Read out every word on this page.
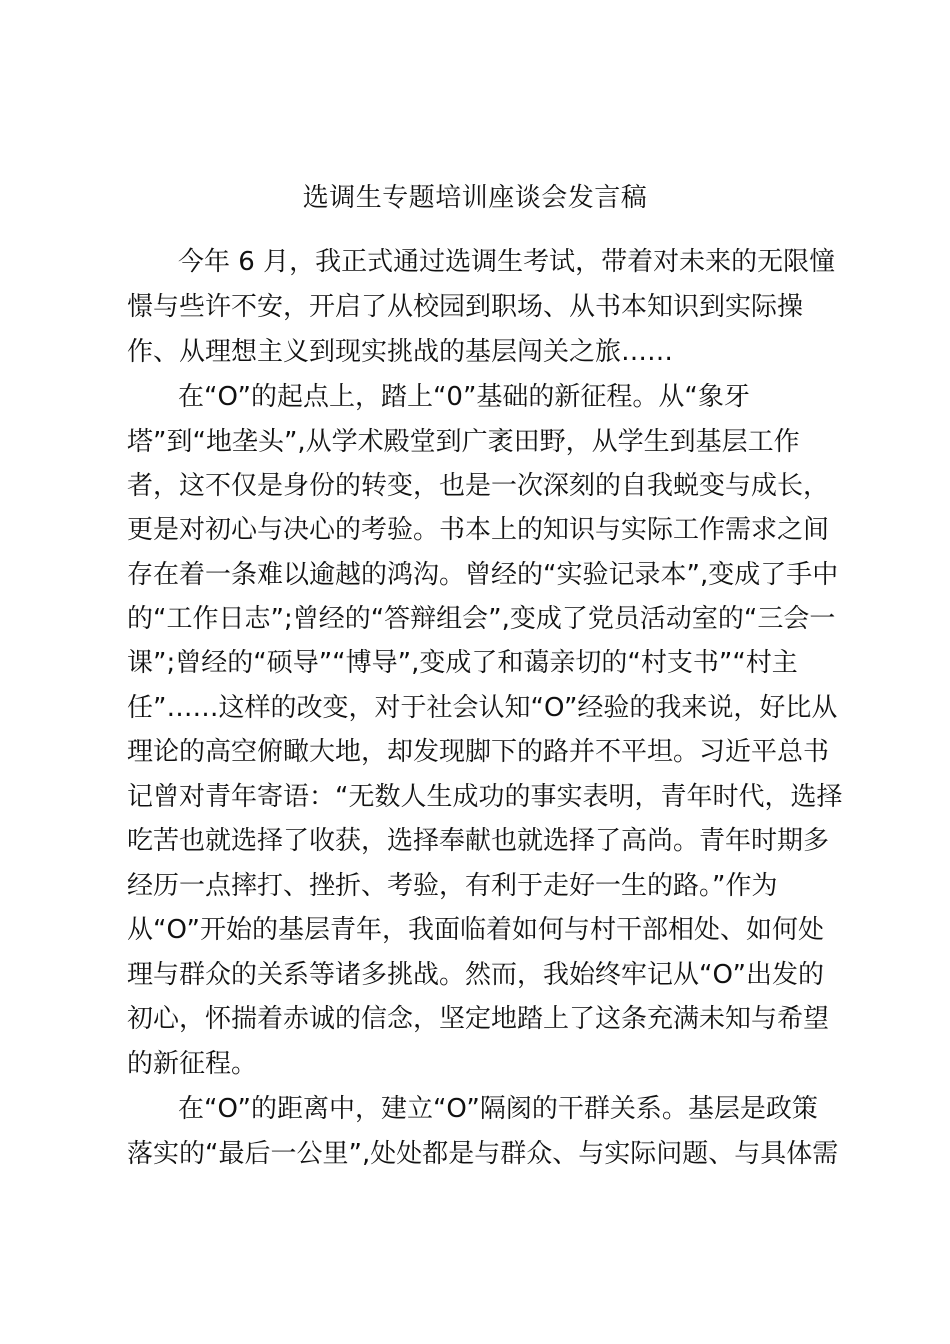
选调生专题培训座谈会发言稿

今年 6 月，我正式通过选调生考试，带着对未来的无限憧

憬与些许不安，开启了从校园到职场、从书本知识到实际操

作、从理想主义到现实挑战的基层闯关之旅……

在“O”的起点上，踏上“0”基础的新征程。从“象牙

塔”到“地垄头”,从学术殿堂到广袤田野，从学生到基层工作

者，这不仅是身份的转变，也是一次深刻的自我蜕变与成长，

更是对初心与决心的考验。书本上的知识与实际工作需求之间

存在着一条难以逾越的鸿沟。曾经的“实验记录本”,变成了手中

的“工作日志”;曾经的“答辩组会”,变成了党员活动室的“三会一

课”;曾经的“硕导”“博导”,变成了和蔼亲切的“村支书”“村主

任”……这样的改变，对于社会认知“O”经验的我来说，好比从

理论的高空俯瞰大地，却发现脚下的路并不平坦。习近平总书

记曾对青年寄语：“无数人生成功的事实表明，青年时代，选择

吃苦也就选择了收获，选择奉献也就选择了高尚。青年时期多

经历一点摔打、挫折、考验，有利于走好一生的路。”作为

从“O”开始的基层青年，我面临着如何与村干部相处、如何处

理与群众的关系等诸多挑战。然而，我始终牢记从“O”出发的

初心，怀揣着赤诚的信念，坚定地踏上了这条充满未知与希望

的新征程。

在“O”的距离中，建立“O”隔阂的干群关系。基层是政策

落实的“最后一公里”,处处都是与群众、与实际问题、与具体需
